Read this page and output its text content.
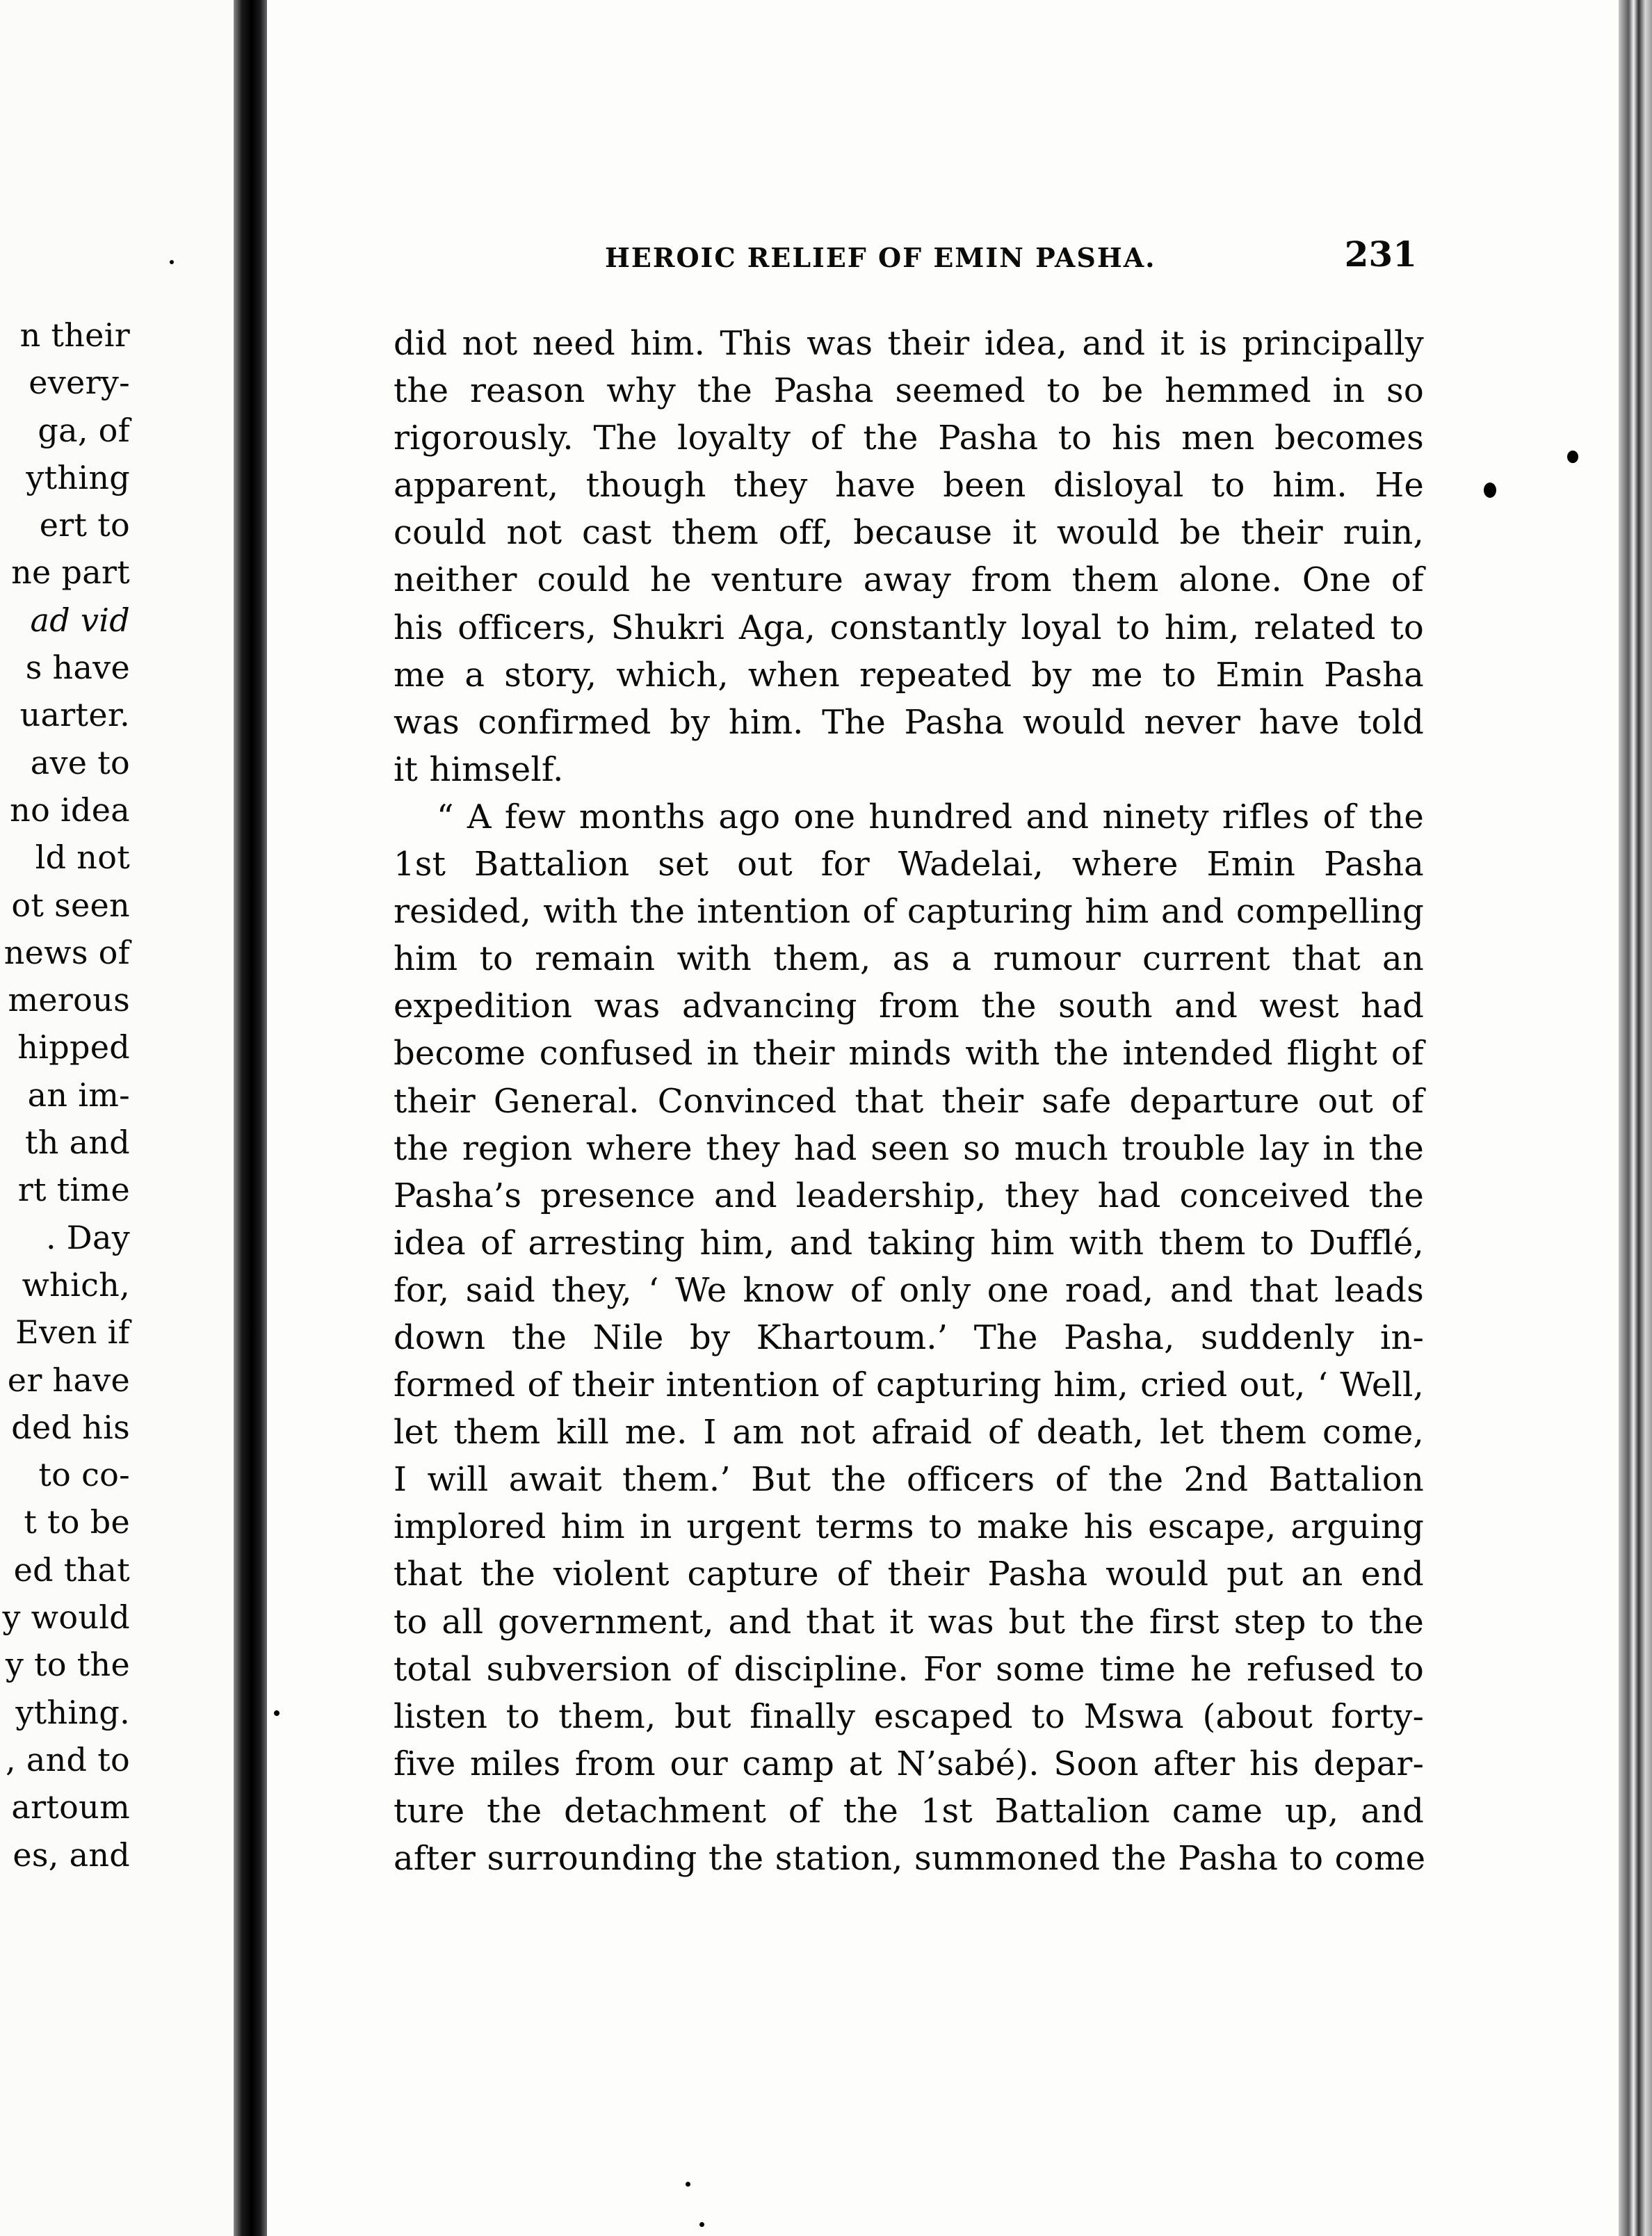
n their
every-
ga, of
ything
ert to
ne part
ad vid
s have
uarter.
ave to
no idea
ld not
ot seen
news of
merous
hipped
an im-
th and
rt time
. Day
which,
Even if
er have
ded his
to co-
t to be
ed that
y would
y to the
ything.
, and to
artoum
es, and
HEROIC RELIEF OF EMIN PASHA.	231
did not need him. This was their idea, and it is principally
the reason why the Pasha seemed to be hemmed in so
rigorously. The loyalty of the Pasha to his men becomes
apparent, though they have been disloyal to him. He
could not cast them off, because it would be their ruin,
neither could he venture away from them alone. One of
his officers, Shukri Aga, constantly loyal to him, related to
me a story, which, when repeated by me to Emin Pasha
was confirmed by him. The Pasha would never have told
it himself.
“ A few months ago one hundred and ninety rifles of the
1st Battalion set out for Wadelai, where Emin Pasha
resided, with the intention of capturing him and compelling
him to remain with them, as a rumour current that an
expedition was advancing from the south and west had
become confused in their minds with the intended flight of
their General. Convinced that their safe departure out of
the region where they had seen so much trouble lay in the
Pasha’s presence and leadership, they had conceived the
idea of arresting him, and taking him with them to Dufflé,
for, said they, ‘ We know of only one road, and that leads
down the Nile by Khartoum.’ The Pasha, suddenly in-
formed of their intention of capturing him, cried out, ‘ Well,
let them kill me. I am not afraid of death, let them come,
I will await them.’ But the officers of the 2nd Battalion
implored him in urgent terms to make his escape, arguing
that the violent capture of their Pasha would put an end
to all government, and that it was but the first step to the
total subversion of discipline. For some time he refused to
listen to them, but finally escaped to Mswa (about forty-
five miles from our camp at N’sabé). Soon after his depar-
ture the detachment of the 1st Battalion came up, and
after surrounding the station, summoned the Pasha to come
